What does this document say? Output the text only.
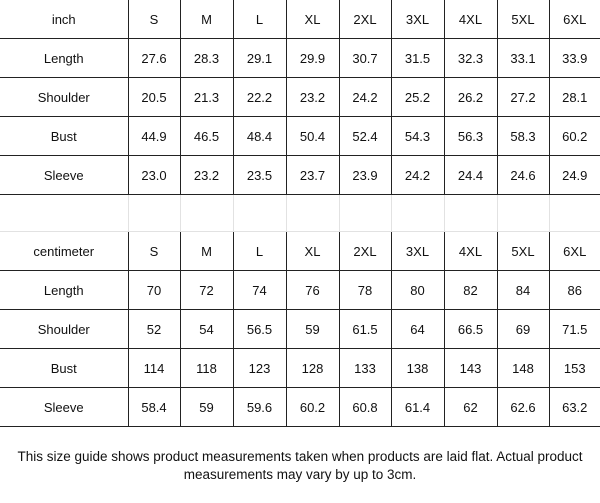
inch	S	M	L	XL	2XL	3XL	4XL	5XL	6XL
Length	27.6	28.3	29.1	29.9	30.7	31.5	32.3	33.1	33.9
Shoulder	20.5	21.3	22.2	23.2	24.2	25.2	26.2	27.2	28.1
Bust	44.9	46.5	48.4	50.4	52.4	54.3	56.3	58.3	60.2
Sleeve	23.0	23.2	23.5	23.7	23.9	24.2	24.4	24.6	24.9

centimeter	S	M	L	XL	2XL	3XL	4XL	5XL	6XL
Length	70	72	74	76	78	80	82	84	86
Shoulder	52	54	56.5	59	61.5	64	66.5	69	71.5
Bust	114	118	123	128	133	138	143	148	153
Sleeve	58.4	59	59.6	60.2	60.8	61.4	62	62.6	63.2
This size guide shows product measurements taken when products are laid flat. Actual product
measurements may vary by up to 3cm.
